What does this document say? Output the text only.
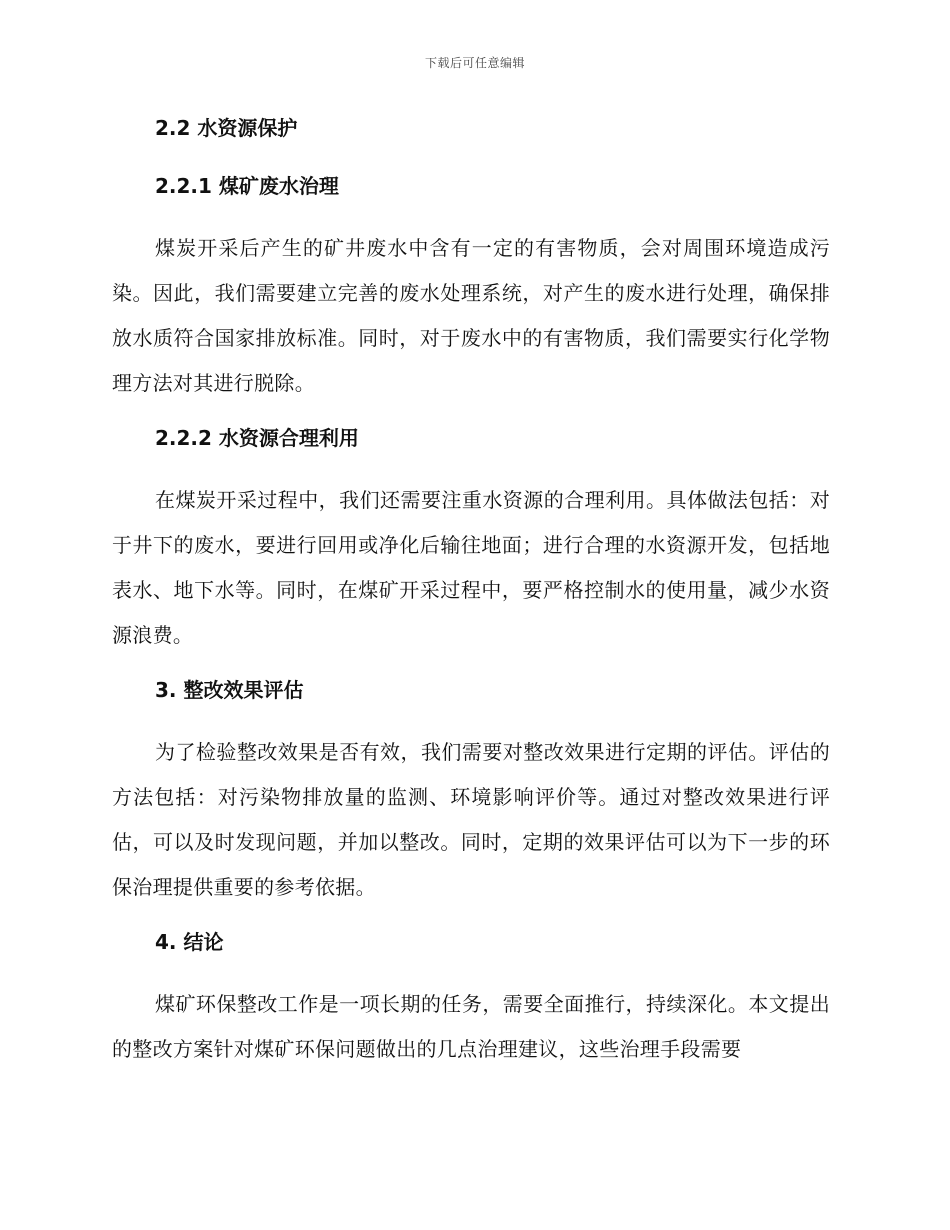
下载后可任意编辑
2.2 水资源保护
2.2.1 煤矿废水治理

煤炭开采后产生的矿井废水中含有一定的有害物质，会对周围环境造成污染。因此，我们需要建立完善的废水处理系统，对产生的废水进行处理，确保排放水质符合国家排放标准。同时，对于废水中的有害物质，我们需要实行化学物理方法对其进行脱除。

2.2.2 水资源合理利用

在煤炭开采过程中，我们还需要注重水资源的合理利用。具体做法包括：对于井下的废水，要进行回用或净化后输往地面；进行合理的水资源开发，包括地表水、地下水等。同时，在煤矿开采过程中，要严格控制水的使用量，减少水资源浪费。

3. 整改效果评估

为了检验整改效果是否有效，我们需要对整改效果进行定期的评估。评估的方法包括：对污染物排放量的监测、环境影响评价等。通过对整改效果进行评估，可以及时发现问题，并加以整改。同时，定期的效果评估可以为下一步的环保治理提供重要的参考依据。

4. 结论

煤矿环保整改工作是一项长期的任务，需要全面推行，持续深化。本文提出的整改方案针对煤矿环保问题做出的几点治理建议，这些治理手段需要
